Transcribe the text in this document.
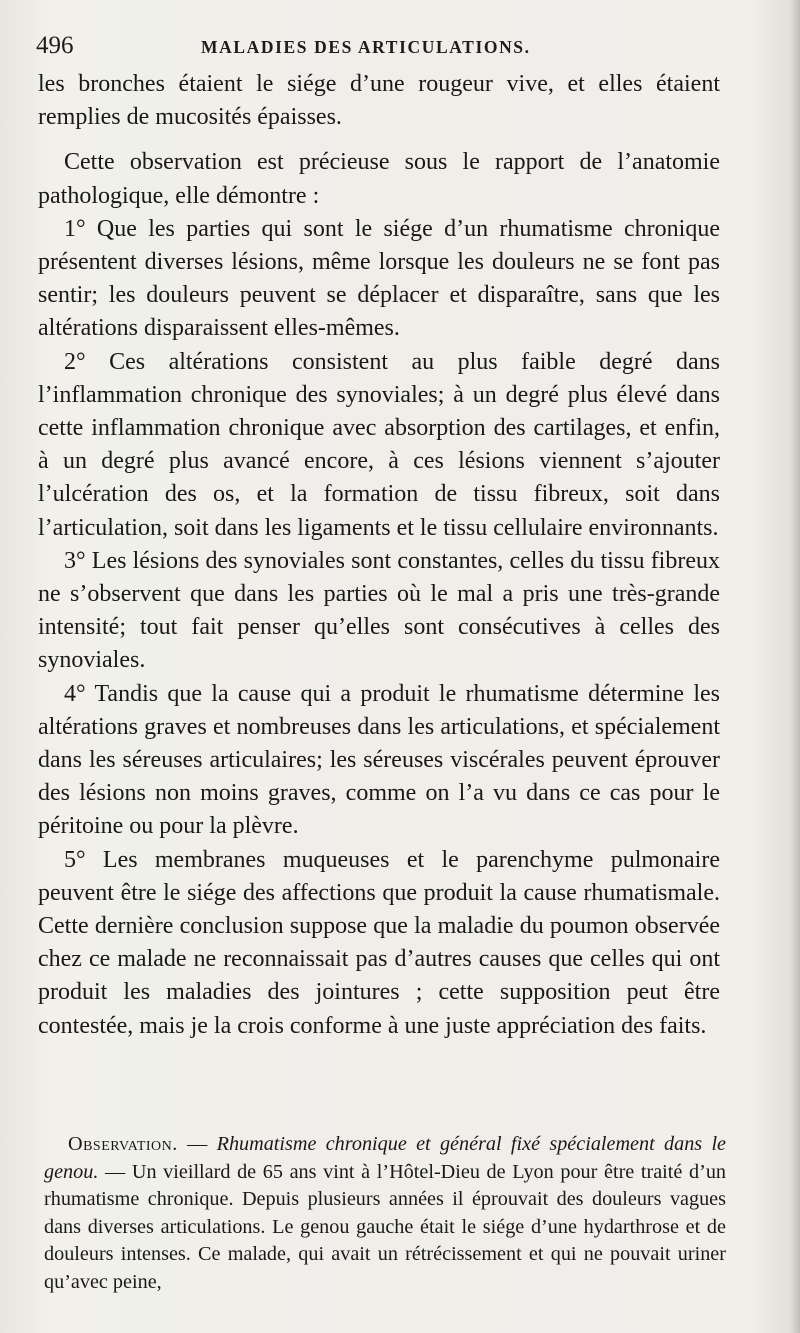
496	MALADIES DES ARTICULATIONS.

les bronches étaient le siége d’une rougeur vive, et elles étaient remplies de mucosités épaisses.

Cette observation est précieuse sous le rapport de l’anatomie pathologique, elle démontre :

1° Que les parties qui sont le siége d’un rhumatisme chronique présentent diverses lésions, même lorsque les douleurs ne se font pas sentir; les douleurs peuvent se déplacer et disparaître, sans que les altérations disparaissent elles-mêmes.

2° Ces altérations consistent au plus faible degré dans l’inflammation chronique des synoviales; à un degré plus élevé dans cette inflammation chronique avec absorption des cartilages, et enfin, à un degré plus avancé encore, à ces lésions viennent s’ajouter l’ulcération des os, et la formation de tissu fibreux, soit dans l’articulation, soit dans les ligaments et le tissu cellulaire environnants.

3° Les lésions des synoviales sont constantes, celles du tissu fibreux ne s’observent que dans les parties où le mal a pris une très-grande intensité; tout fait penser qu’elles sont consécutives à celles des synoviales.

4° Tandis que la cause qui a produit le rhumatisme détermine les altérations graves et nombreuses dans les articulations, et spécialement dans les séreuses articulaires; les séreuses viscérales peuvent éprouver des lésions non moins graves, comme on l’a vu dans ce cas pour le péritoine ou pour la plèvre.

5° Les membranes muqueuses et le parenchyme pulmonaire peuvent être le siége des affections que produit la cause rhumatismale. Cette dernière conclusion suppose que la maladie du poumon observée chez ce malade ne reconnaissait pas d’autres causes que celles qui ont produit les maladies des jointures ; cette supposition peut être contestée, mais je la crois conforme à une juste appréciation des faits.

Observation. — Rhumatisme chronique et général fixé spécialement dans le genou. — Un vieillard de 65 ans vint à l’Hôtel-Dieu de Lyon pour être traité d’un rhumatisme chronique. Depuis plusieurs années il éprouvait des douleurs vagues dans diverses articulations. Le genou gauche était le siége d’une hydarthrose et de douleurs intenses. Ce malade, qui avait un rétrécissement et qui ne pouvait uriner qu’avec peine,
